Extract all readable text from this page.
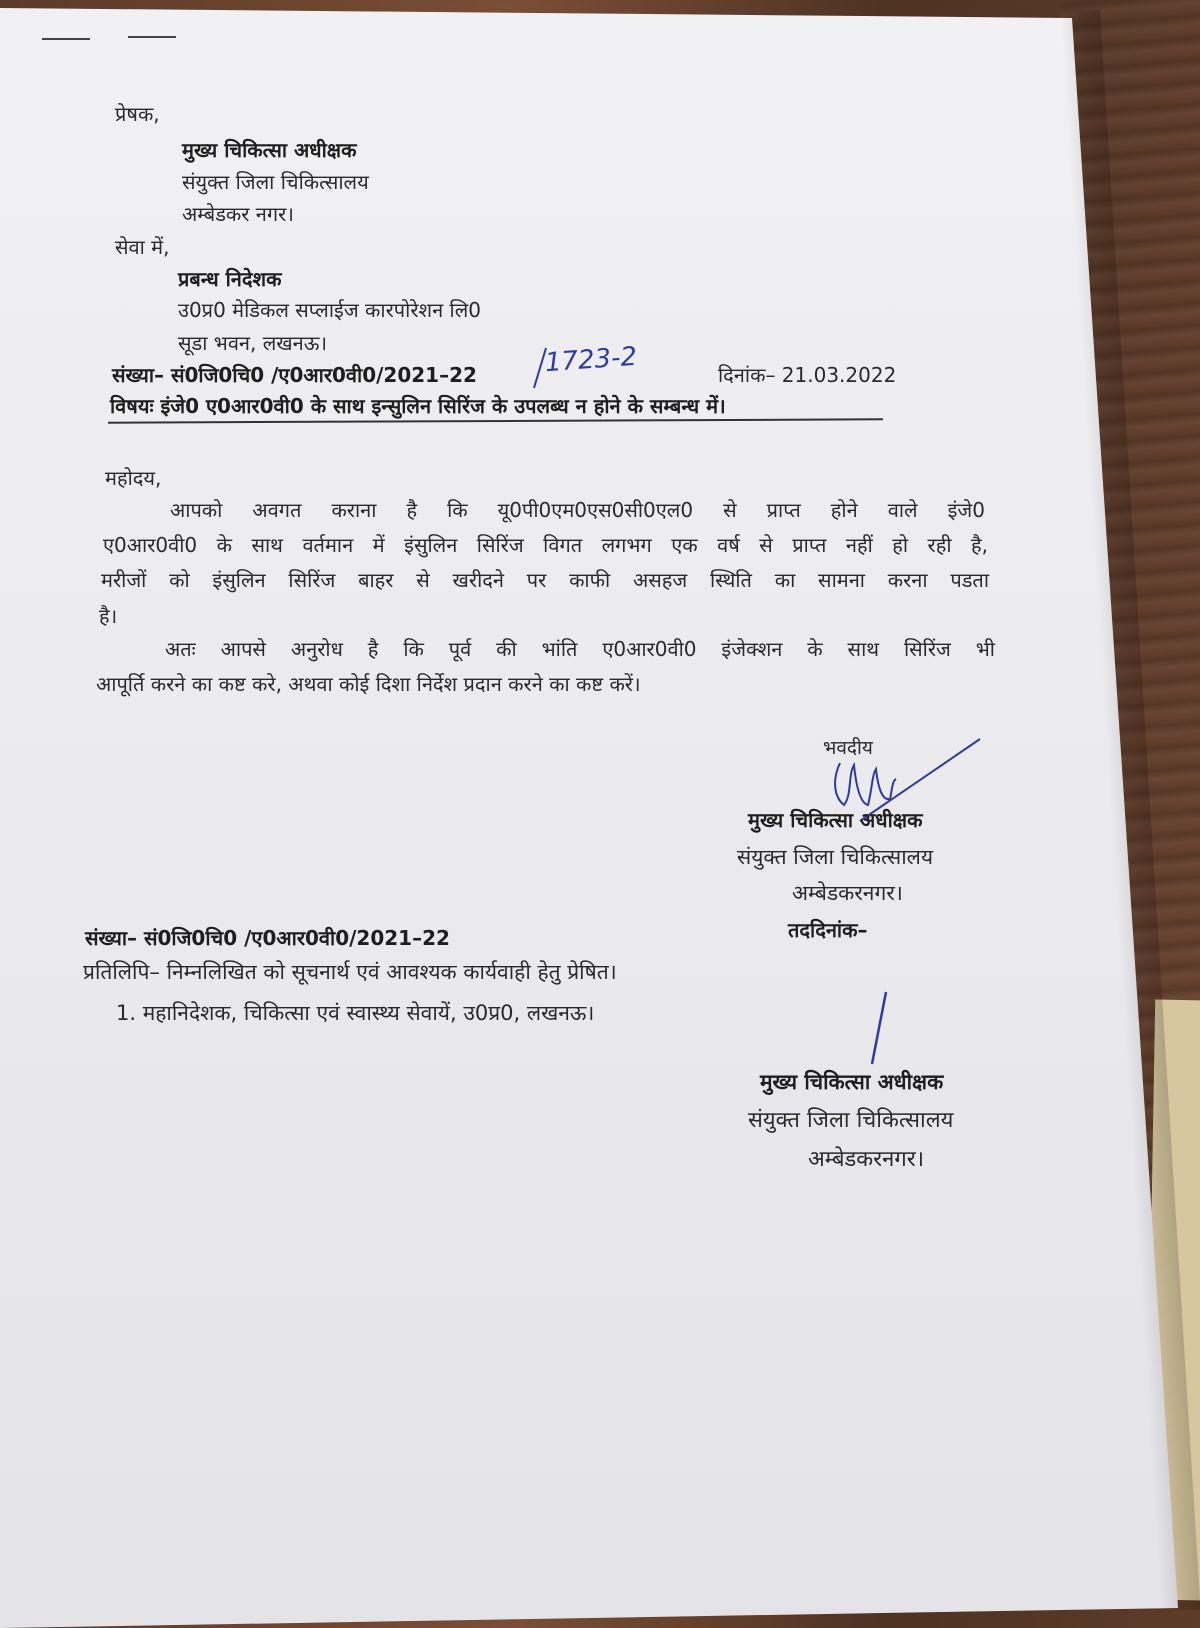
प्रेषक,
मुख्य चिकित्सा अधीक्षक
संयुक्त जिला चिकित्सालय
अम्बेडकर नगर।
सेवा में,
प्रबन्ध निदेशक
उ0प्र0 मेडिकल सप्लाईज कारपोरेशन लि0
सूडा भवन, लखनऊ।
संख्या– सं0जि0चि0 /ए0आर0वी0/2021–22	1723-2	दिनांक– 21.03.2022
विषयः इंजे0 ए0आर0वी0 के साथ इन्सुलिन सिरिंज के उपलब्ध न होने के सम्बन्ध में।
महोदय,
आपको अवगत कराना है कि यू0पी0एम0एस0सी0एल0 से प्राप्त होने वाले इंजे0
ए0आर0वी0 के साथ वर्तमान में इंसुलिन सिरिंज विगत लगभग एक वर्ष से प्राप्त नहीं हो रही है,
मरीजों को इंसुलिन सिरिंज बाहर से खरीदने पर काफी असहज स्थिति का सामना करना पडता
है।
अतः आपसे अनुरोध है कि पूर्व की भांति ए0आर0वी0 इंजेक्शन के साथ सिरिंज भी
आपूर्ति करने का कष्ट करे, अथवा कोई दिशा निर्देश प्रदान करने का कष्ट करें।
भवदीय
मुख्य चिकित्सा अधीक्षक
संयुक्त जिला चिकित्सालय
अम्बेडकरनगर।
संख्या– सं0जि0चि0 /ए0आर0वी0/2021–22	तददिनांक–
प्रतिलिपि– निम्नलिखित को सूचनार्थ एवं आवश्यक कार्यवाही हेतु प्रेषित।
1. महानिदेशक, चिकित्सा एवं स्वास्थ्य सेवायें, उ0प्र0, लखनऊ।
मुख्य चिकित्सा अधीक्षक
संयुक्त जिला चिकित्सालय
अम्बेडकरनगर।
